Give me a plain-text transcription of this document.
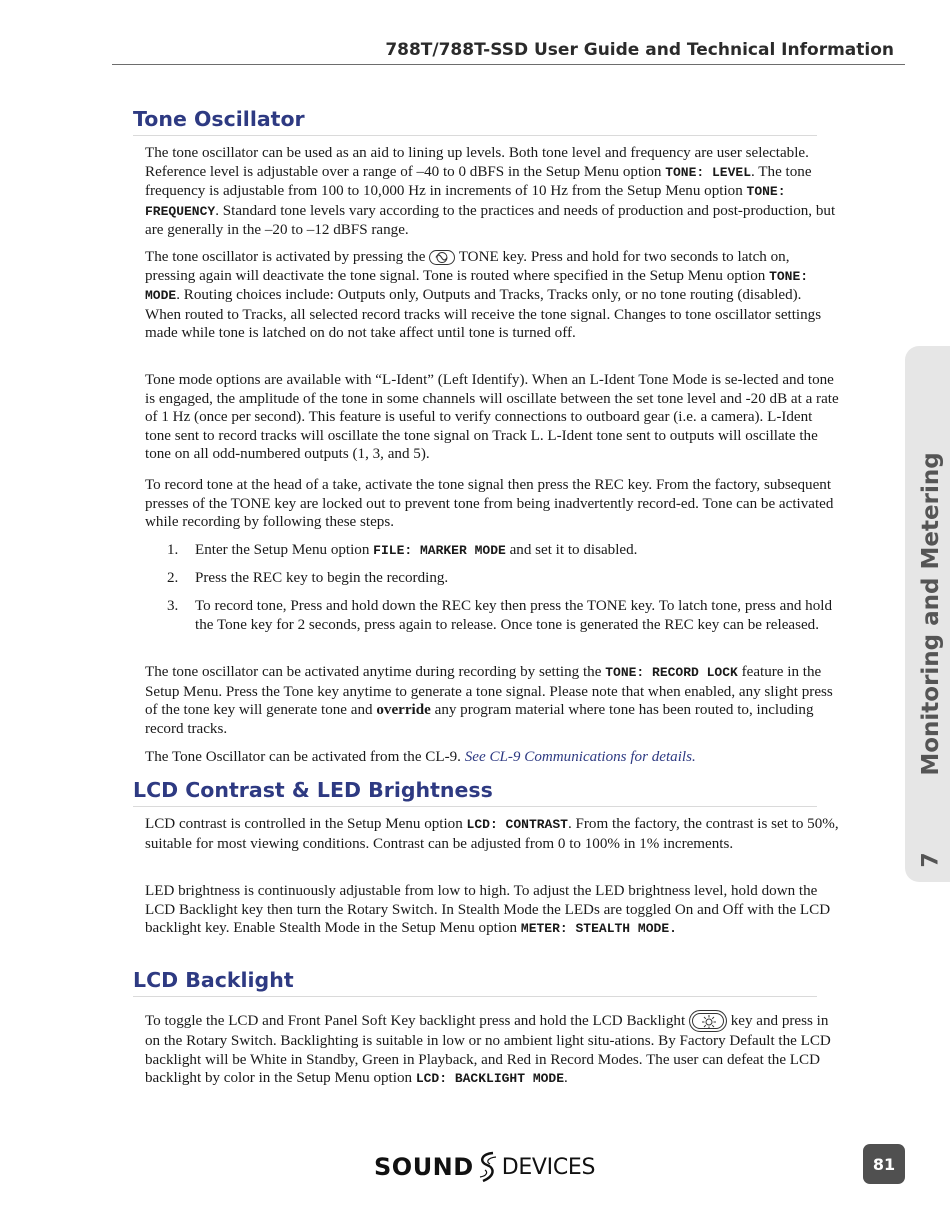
788T/788T-SSD User Guide and Technical Information
Tone Oscillator

The tone oscillator can be used as an aid to lining up levels. Both tone level and frequency are user selectable. Reference level is adjustable over a range of –40 to 0 dBFS in the Setup Menu option TONE: LEVEL. The tone frequency is adjustable from 100 to 10,000 Hz in increments of 10 Hz from the Setup Menu option TONE: FREQUENCY. Standard tone levels vary according to the practices and needs of production and post-production, but are generally in the –20 to –12 dBFS range.

The tone oscillator is activated by pressing the TONE key. Press and hold for two seconds to latch on, pressing again will deactivate the tone signal. Tone is routed where specified in the Setup Menu option TONE: MODE. Routing choices include: Outputs only, Outputs and Tracks, Tracks only, or no tone routing (disabled). When routed to Tracks, all selected record tracks will receive the tone signal. Changes to tone oscillator settings made while tone is latched on do not take affect until tone is turned off.

Tone mode options are available with “L-Ident” (Left Identify). When an L-Ident Tone Mode is se-lected and tone is engaged, the amplitude of the tone in some channels will oscillate between the set tone level and -20 dB at a rate of 1 Hz (once per second). This feature is useful to verify connections to outboard gear (i.e. a camera). L-Ident tone sent to record tracks will oscillate the tone signal on Track L. L-Ident tone sent to outputs will oscillate the tone on all odd-numbered outputs (1, 3, and 5).

To record tone at the head of a take, activate the tone signal then press the REC key. From the factory, subsequent presses of the TONE key are locked out to prevent tone from being inadvertently record-ed. Tone can be activated while recording by following these steps.

1. Enter the Setup Menu option FILE: MARKER MODE and set it to disabled.
2. Press the REC key to begin the recording.
3. To record tone, Press and hold down the REC key then press the TONE key. To latch tone, press and hold the Tone key for 2 seconds, press again to release. Once tone is generated the REC key can be released.

The tone oscillator can be activated anytime during recording by setting the TONE: RECORD LOCK feature in the Setup Menu. Press the Tone key anytime to generate a tone signal. Please note that when enabled, any slight press of the tone key will generate tone and override any program material where tone has been routed to, including record tracks.

The Tone Oscillator can be activated from the CL-9. See CL-9 Communications for details.

LCD Contrast & LED Brightness

LCD contrast is controlled in the Setup Menu option LCD: CONTRAST. From the factory, the contrast is set to 50%, suitable for most viewing conditions. Contrast can be adjusted from 0 to 100% in 1% increments.

LED brightness is continuously adjustable from low to high. To adjust the LED brightness level, hold down the LCD Backlight key then turn the Rotary Switch. In Stealth Mode the LEDs are toggled On and Off with the LCD backlight key. Enable Stealth Mode in the Setup Menu option METER: STEALTH MODE.

LCD Backlight

To toggle the LCD and Front Panel Soft Key backlight press and hold the LCD Backlight	key and press in on the Rotary Switch. Backlighting is suitable in low or no ambient light situ-ations. By Factory Default the LCD backlight will be White in Standby, Green in Playback, and Red in Record Modes. The user can defeat the LCD backlight by color in the Setup Menu option LCD: BACKLIGHT MODE.

Monitoring and Metering
7
SOUND DEVICES	81
